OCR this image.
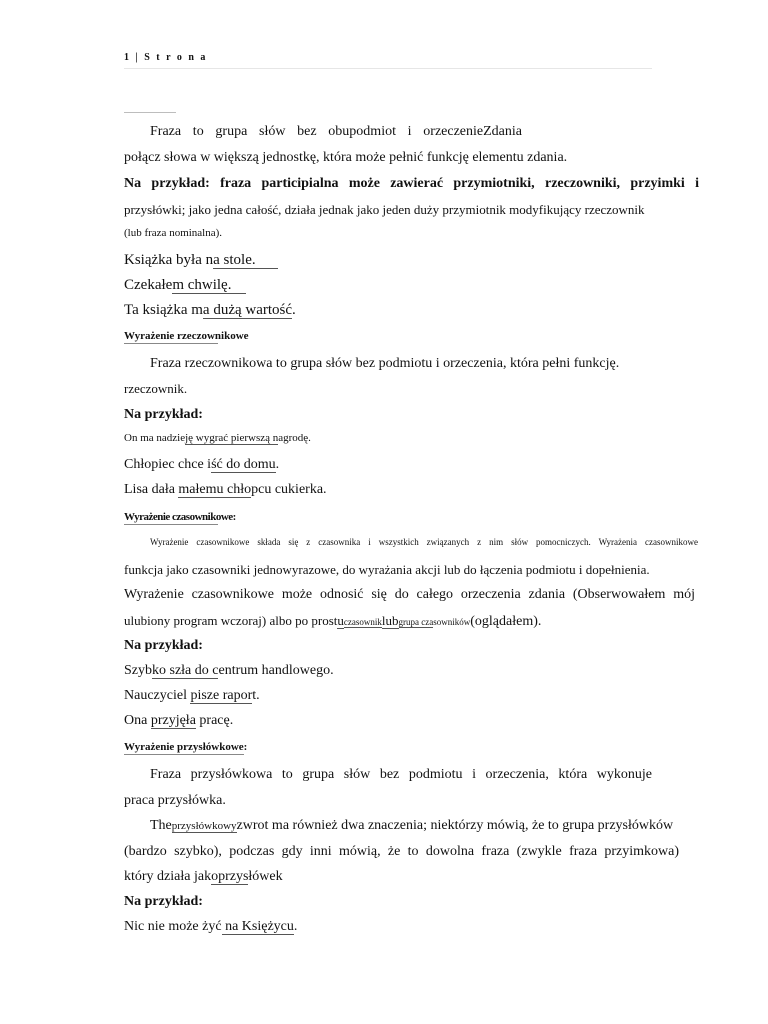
1 | S t r o n a
Fraza to grupa słów bez obupodmiot i orzeczenieZdania
połącz słowa w większą jednostkę, która może pełnić funkcję elementu zdania.
Na przykład: fraza participialna może zawierać przymiotniki, rzeczowniki, przyimki i
przysłówki; jako jedna całość, działa jednak jako jeden duży przymiotnik modyfikujący rzeczownik
(lub fraza nominalna).
Książka była na stole.
Czekałem chwilę.
Ta książka ma dużą wartość.
Wyrażenie rzeczownikowe
Fraza rzeczownikowa to grupa słów bez podmiotu i orzeczenia, która pełni funkcję.
rzeczownik.
Na przykład:
On ma nadzieję wygrać pierwszą nagrodę.
Chłopiec chce iść do domu.
Lisa dała małemu chłopcu cukierka.
Wyrażenie czasownikowe:
Wyrażenie czasownikowe składa się z czasownika i wszystkich związanych z nim słów pomocniczych. Wyrażenia czasownikowe
funkcja jako czasowniki jednowyrazowe, do wyrażania akcji lub do łączenia podmiotu i dopełnienia.
Wyrażenie czasownikowe może odnosić się do całego orzeczenia zdania (Obserwowałem mój
ulubiony program wczoraj) albo po prostuczasowniklubgrupa czasowników(oglądałem).
Na przykład:
Szybko szła do centrum handlowego.
Nauczyciel pisze raport.
Ona przyjęła pracę.
Wyrażenie przysłówkowe:
Fraza przysłówkowa to grupa słów bez podmiotu i orzeczenia, która wykonuje
praca przysłówka.
Theprzysłówkowyzwrot ma również dwa znaczenia; niektórzy mówią, że to grupa przysłówków
(bardzo szybko), podczas gdy inni mówią, że to dowolna fraza (zwykle fraza przyimkowa)
który działa jakoprzysłówek
Na przykład:
Nic nie może żyć na Księżycu.
